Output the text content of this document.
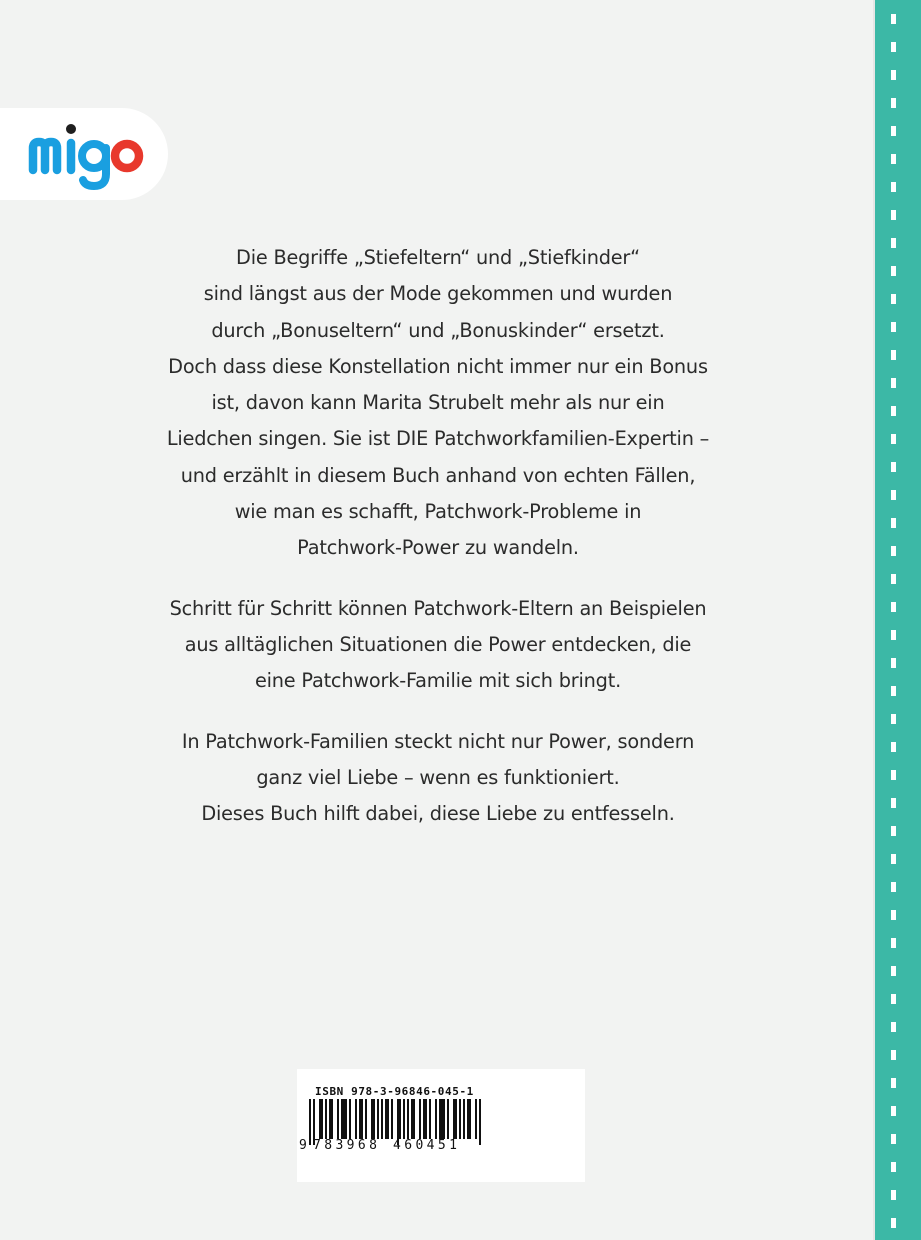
Die Begriffe „Stiefeltern“ und „Stiefkinder“
sind längst aus der Mode gekommen und wurden
durch „Bonuseltern“ und „Bonuskinder“ ersetzt.
Doch dass diese Konstellation nicht immer nur ein Bonus
ist, davon kann Marita Strubelt mehr als nur ein
Liedchen singen. Sie ist DIE Patchworkfamilien-Expertin –
und erzählt in diesem Buch anhand von echten Fällen,
wie man es schafft, Patchwork-Probleme in
Patchwork-Power zu wandeln.

Schritt für Schritt können Patchwork-Eltern an Beispielen
aus alltäglichen Situationen die Power entdecken, die
eine Patchwork-Familie mit sich bringt.

In Patchwork-Familien steckt nicht nur Power, sondern
ganz viel Liebe – wenn es funktioniert.
Dieses Buch hilft dabei, diese Liebe zu entfesseln.

ISBN 978-3-96846-045-1
9 783968 460451
